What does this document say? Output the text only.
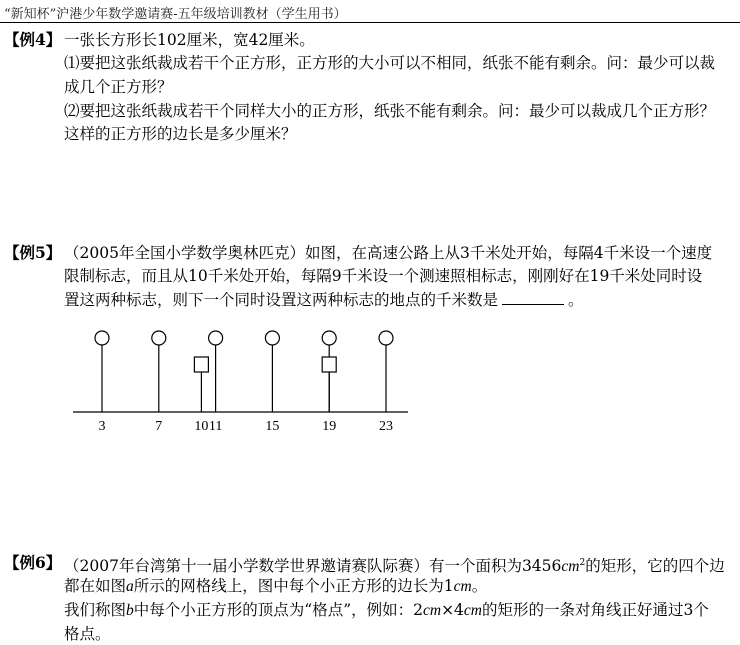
“新知杯”沪港少年数学邀请赛-五年级培训教材（学生用书）
【例4】 一张长方形长102厘米，宽42厘米。
⑴要把这张纸裁成若干个正方形，正方形的大小可以不相同，纸张不能有剩余。问：最少可以裁
成几个正方形？
⑵要把这张纸裁成若干个同样大小的正方形，纸张不能有剩余。问：最少可以裁成几个正方形？
这样的正方形的边长是多少厘米？
【例5】 （2005年全国小学数学奥林匹克）如图，在高速公路上从3千米处开始，每隔4千米设一个速度
限制标志，而且从10千米处开始，每隔9千米设一个测速照相标志，刚刚好在19千米处同时设
置这两种标志，则下一个同时设置这两种标志的地点的千米数是	。
3	7 10 11	15	19	23
【例6】 （2007年台湾第十一届小学数学世界邀请赛队际赛）有一个面积为$3456cm^2$的矩形，它的四个边
都在如图a所示的网格线上，图中每个小正方形的边长为1cm。
我们称图b中每个小正方形的顶点为“格点”，例如：2cm×4cm的矩形的一条对角线正好通过3个
格点。
